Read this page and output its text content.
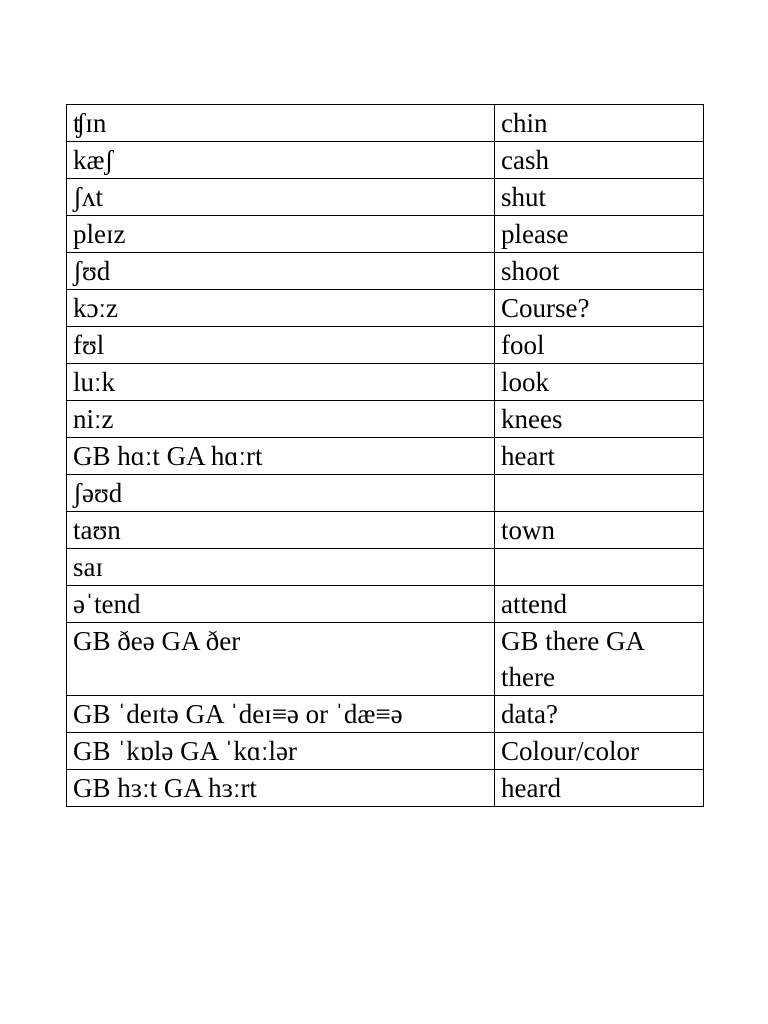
ʧɪn	chin
kæʃ	cash
ʃʌt	shut
pleɪz	please
ʃʊd	shoot
kɔːz	Course?
fʊl	fool
luːk	look
niːz	knees
GB hɑːt GA hɑːrt	heart
ʃəʊd	
taʊn	town
saɪ	
əˈtend	attend
GB ðeə GA ðer	GB there GA there
GB ˈdeɪtə GA ˈdeɪ≡ə or ˈdæ≡ə	data?
GB ˈkɒlə GA ˈkɑːlər	Colour/color
GB hɜːt GA hɜːrt	heard
